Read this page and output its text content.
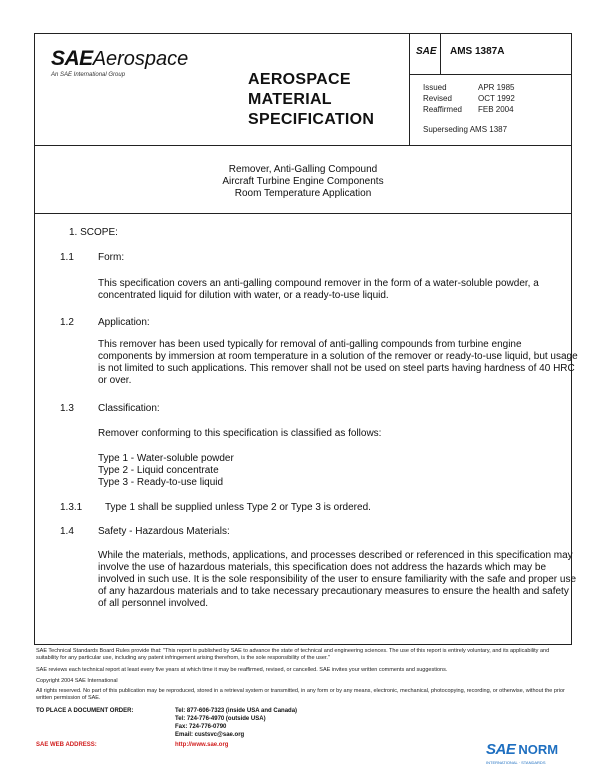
SAEAerospace
An SAE International Group	AEROSPACE
MATERIAL
SPECIFICATION
SAE AMS 1387A
Issued	APR 1985
Revised	OCT 1992
Reaffirmed	FEB 2004
Superseding AMS 1387
Remover, Anti-Galling Compound
Aircraft Turbine Engine Components
Room Temperature Application
1. SCOPE:
1.1 Form:
This specification covers an anti-galling compound remover in the form of a water-soluble powder, a concentrated liquid for dilution with water, or a ready-to-use liquid.
1.2 Application:
This remover has been used typically for removal of anti-galling compounds from turbine engine components by immersion at room temperature in a solution of the remover or ready-to-use liquid, but usage is not limited to such applications. This remover shall not be used on steel parts having hardness of 40 HRC or over.
1.3 Classification:
Remover conforming to this specification is classified as follows:
Type 1 - Water-soluble powder
Type 2 - Liquid concentrate
Type 3 - Ready-to-use liquid
1.3.1 Type 1 shall be supplied unless Type 2 or Type 3 is ordered.
1.4 Safety - Hazardous Materials:
While the materials, methods, applications, and processes described or referenced in this specification may involve the use of hazardous materials, this specification does not address the hazards which may be involved in such use. It is the sole responsibility of the user to ensure familiarity with the safe and proper use of any hazardous materials and to take necessary precautionary measures to ensure the health and safety of all personnel involved.
SAE Technical Standards Board Rules provide that: "This report is published by SAE to advance the state of technical and engineering sciences. The use of this report is entirely voluntary, and its applicability and suitability for any particular use, including any patent infringement arising therefrom, is the sole responsibility of the user."
SAE reviews each technical report at least every five years at which time it may be reaffirmed, revised, or cancelled. SAE invites your written comments and suggestions.
Copyright 2004 SAE International
All rights reserved. No part of this publication may be reproduced, stored in a retrieval system or transmitted, in any form or by any means, electronic, mechanical, photocopying, recording, or otherwise, without the prior written permission of SAE.
TO PLACE A DOCUMENT ORDER:	Tel: 877-606-7323 (inside USA and Canada)
Tel: 724-776-4970 (outside USA)
Fax: 724-776-0790
Email: custsvc@sae.org
SAE WEB ADDRESS:	http://www.sae.org	SAE NORM
INTERNATIONAL · STANDARDS
